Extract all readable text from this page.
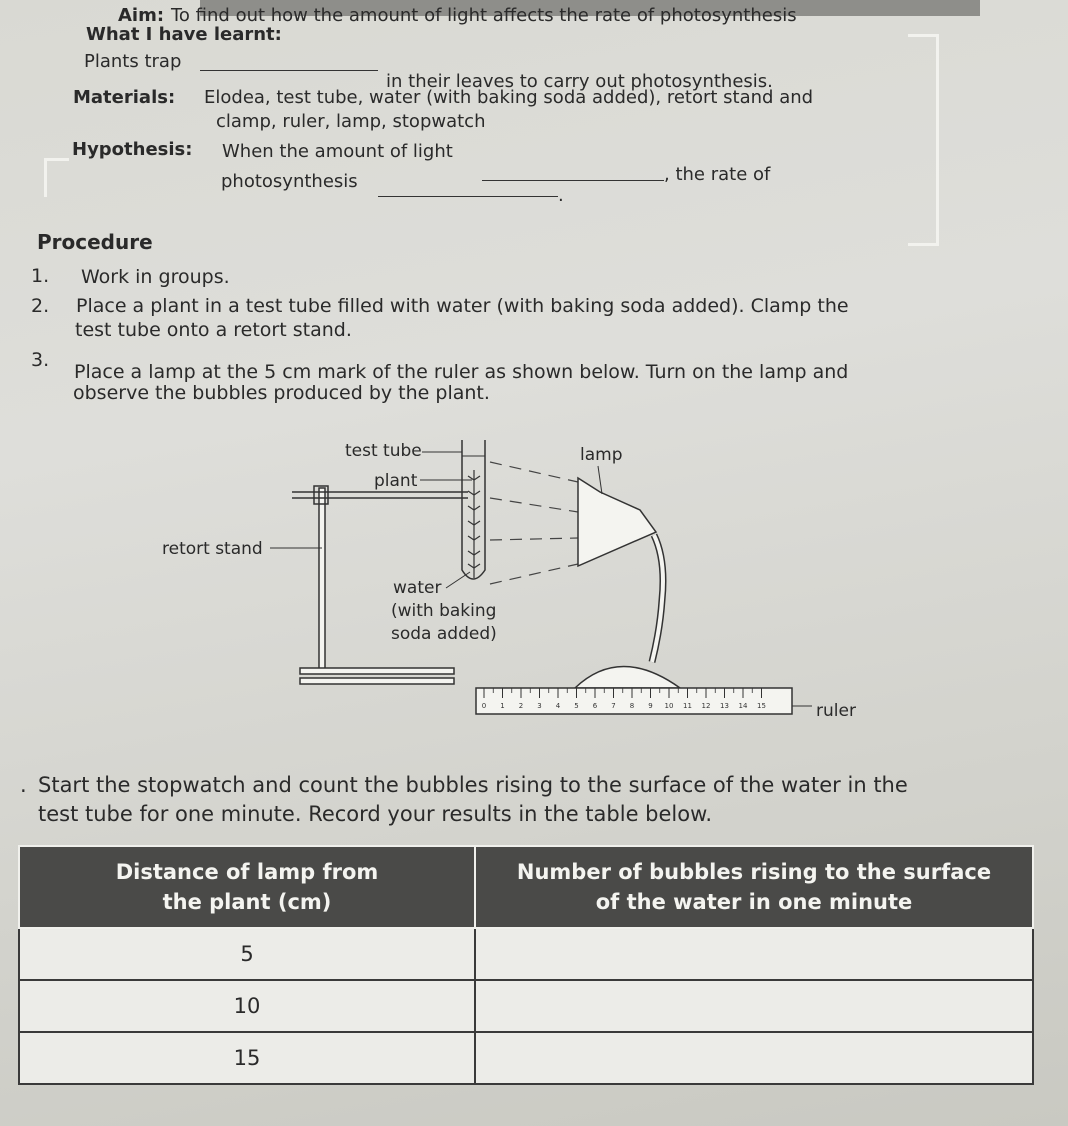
Aim: To find out how the amount of light affects the rate of photosynthesis
What I have learnt:
Plants trap
in their leaves to carry out photosynthesis.
Materials: Elodea, test tube, water (with baking soda added), retort stand and
clamp, ruler, lamp, stopwatch
Hypothesis: When the amount of light
, the rate of
photosynthesis
.
Procedure
1. Work in groups.
2. Place a plant in a test tube filled with water (with baking soda added). Clamp the
test tube onto a retort stand.
3.
Place a lamp at the 5 cm mark of the ruler as shown below. Turn on the lamp and
observe the bubbles produced by the plant.
0 1 2 3 4 5 6 7 8 9 10 11 12 13 14 15
test tube
plant
lamp
retort stand
water
(with baking
soda added)
ruler
. Start the stopwatch and count the bubbles rising to the surface of the water in the
test tube for one minute. Record your results in the table below.
Distance of lamp from
the plant (cm)	Number of bubbles rising to the surface
of the water in one minute
5	
10	
15	
